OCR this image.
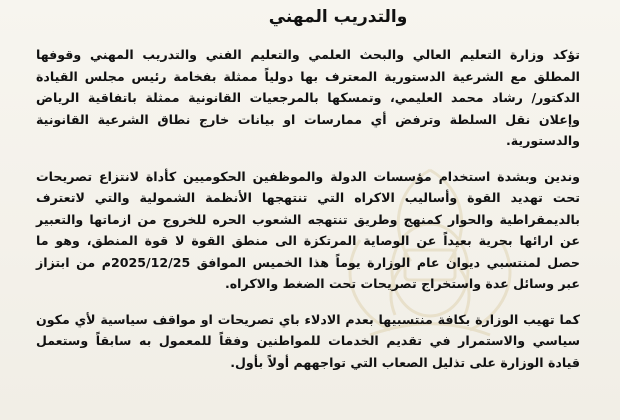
والتدريب المهني

تؤكد وزارة التعليم العالي والبحث العلمي والتعليم الفني والتدريب المهني وقوفها المطلق مع الشرعية الدستورية المعترف بها دولياً ممثلة بفخامة رئيس مجلس القيادة الدكتور/ رشاد محمد العليمي، وتمسكها بالمرجعيات القانونية ممثلة باتفاقية الرياض وإعلان نقل السلطة وترفض أي ممارسات او بيانات خارج نطاق الشرعية القانونية والدستورية.

وندين وبشدة استخدام مؤسسات الدولة والموظفين الحكوميين كأداة لانتزاع تصريحات تحت تهديد القوة وأساليب الاكراه التي تنتهجها الأنظمة الشمولية والتي لاتعترف بالديمقراطية والحوار كمنهج وطريق تنتهجه الشعوب الحره للخروج من ازماتها والتعبير عن ارائها بحرية بعيداً عن الوصاية المرتكزة الى منطق القوة لا قوة المنطق، وهو ما حصل لمنتسبي ديوان عام الوزارة يوماً هذا الخميس الموافق 2025/12/25م من ابتزاز عبر وسائل عدة واستخراج تصريحات تحت الضغط والاكراه.

كما تهيب الوزارة بكافة منتسبيها بعدم الادلاء باي تصريحات او مواقف سياسية لأي مكون سياسي والاستمرار في تقديم الخدمات للمواطنين وفقاً للمعمول به سابقاً وستعمل قيادة الوزارة على تذليل الصعاب التي تواجههم أولاً بأول.
